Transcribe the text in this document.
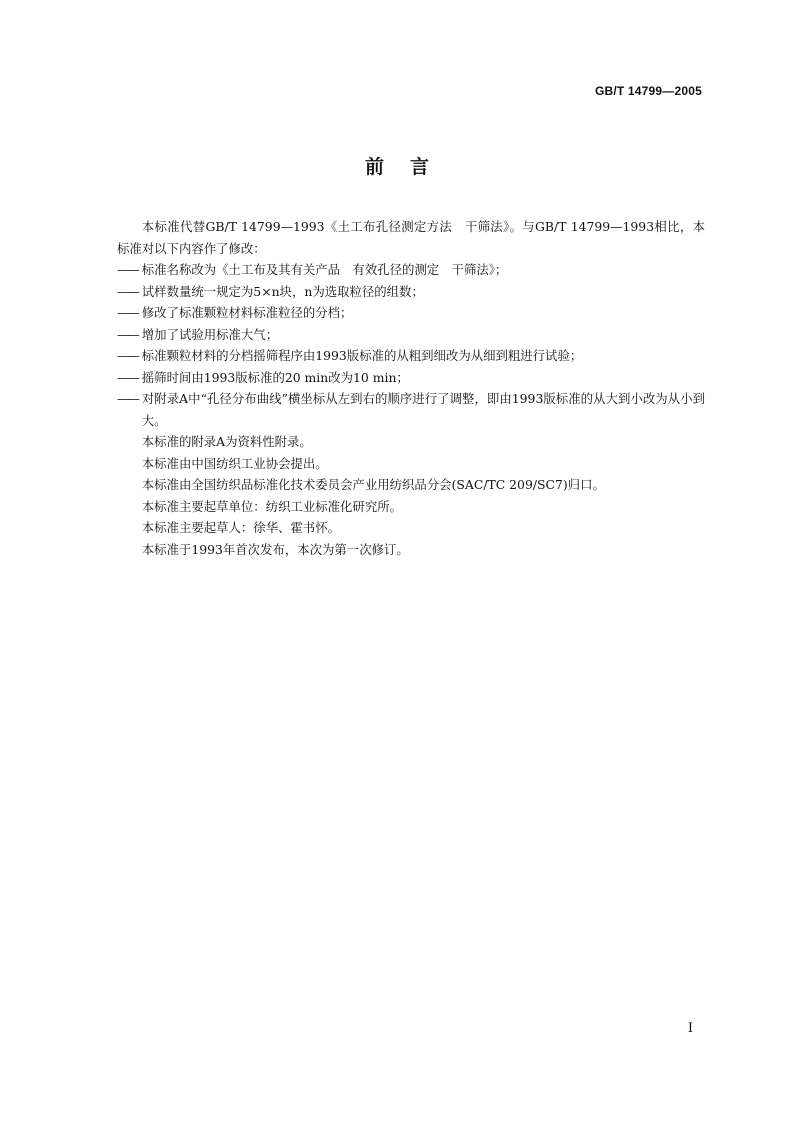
GB/T 14799—2005
前言

本标准代替GB/T 14799—1993《土工布孔径测定方法　干筛法》。与GB/T 14799—1993相比，本标准对以下内容作了修改：

—— 标准名称改为《土工布及其有关产品　有效孔径的测定　干筛法》；

—— 试样数量统一规定为5×n块，n为选取粒径的组数；

—— 修改了标准颗粒材料标准粒径的分档；

—— 增加了试验用标准大气；

—— 标准颗粒材料的分档摇筛程序由1993版标准的从粗到细改为从细到粗进行试验；

—— 摇筛时间由1993版标准的20 min改为10 min；

—— 对附录A中“孔径分布曲线”横坐标从左到右的顺序进行了调整，即由1993版标准的从大到小改为从小到大。

本标准的附录A为资料性附录。

本标准由中国纺织工业协会提出。

本标准由全国纺织品标准化技术委员会产业用纺织品分会(SAC/TC 209/SC7)归口。

本标准主要起草单位：纺织工业标准化研究所。

本标准主要起草人：徐华、霍书怀。

本标准于1993年首次发布，本次为第一次修订。

I
